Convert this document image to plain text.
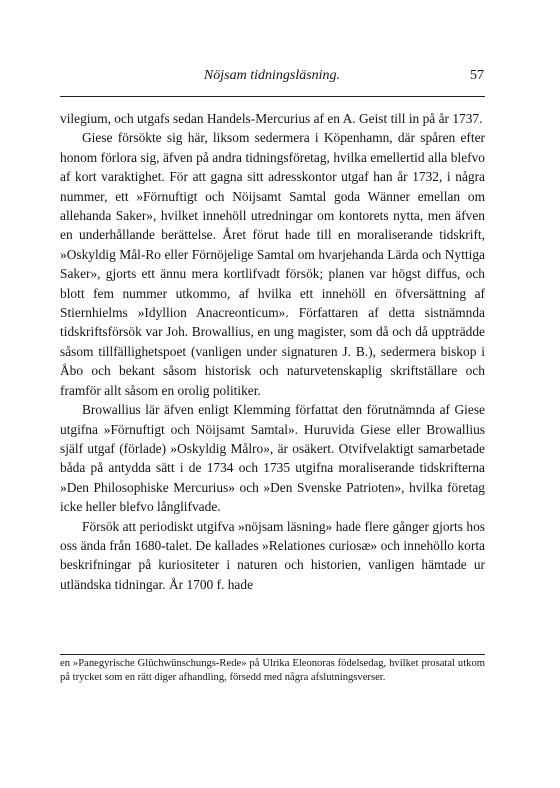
Nöjsam tidningsläsning.	57

vilegium, och utgafs sedan Handels-Mercurius af en A. Geist till in på år 1737.

Giese försökte sig här, liksom sedermera i Köpenhamn, där spåren efter honom förlora sig, äfven på andra tidningsföretag, hvilka emellertid alla blefvo af kort varaktighet. För att gagna sitt adresskontor utgaf han år 1732, i några nummer, ett »Förnuftigt och Nöijsamt Samtal goda Wänner emellan om allehanda Saker», hvilket innehöll utredningar om kontorets nytta, men äfven en underhållande berättelse. Året förut hade till en moraliserande tidskrift, »Oskyldig Mål-Ro eller Förnöjelige Samtal om hvarjehanda Lärda och Nyttiga Saker», gjorts ett ännu mera kortlifvadt försök; planen var högst diffus, och blott fem nummer utkommo, af hvilka ett innehöll en öfversättning af Stiernhielms »Idyllion Anacreonticum». Författaren af detta sistnämnda tidskriftsförsök var Joh. Browallius, en ung magister, som då och då uppträdde såsom tillfällighetspoet (vanligen under signaturen J. B.), sedermera biskop i Åbo och bekant såsom historisk och naturvetenskaplig skriftställare och framför allt såsom en orolig politiker.

Browallius lär äfven enligt Klemming författat den förutnämnda af Giese utgifna »Förnuftigt och Nöijsamt Samtal». Huruvida Giese eller Browallius själf utgaf (förlade) »Oskyldig Målro», är osäkert. Otvifvelaktigt samarbetade båda på antydda sätt i de 1734 och 1735 utgifna moraliserande tidskrifterna »Den Philosophiske Mercurius» och »Den Svenske Patrioten», hvilka företag icke heller blefvo långlifvade.

Försök att periodiskt utgifva »nöjsam läsning» hade flere gånger gjorts hos oss ända från 1680-talet. De kallades »Relationes curiosæ» och innehöllo korta beskrifningar på kuriositeter i naturen och historien, vanligen hämtade ur utländska tidningar. År 1700 f. hade

en »Panegyrische Glüchwünschungs-Rede» på Ulrika Eleonoras födelsedag, hvilket prosatal utkom på trycket som en rätt diger afhandling, försedd med några afslutningsverser.
